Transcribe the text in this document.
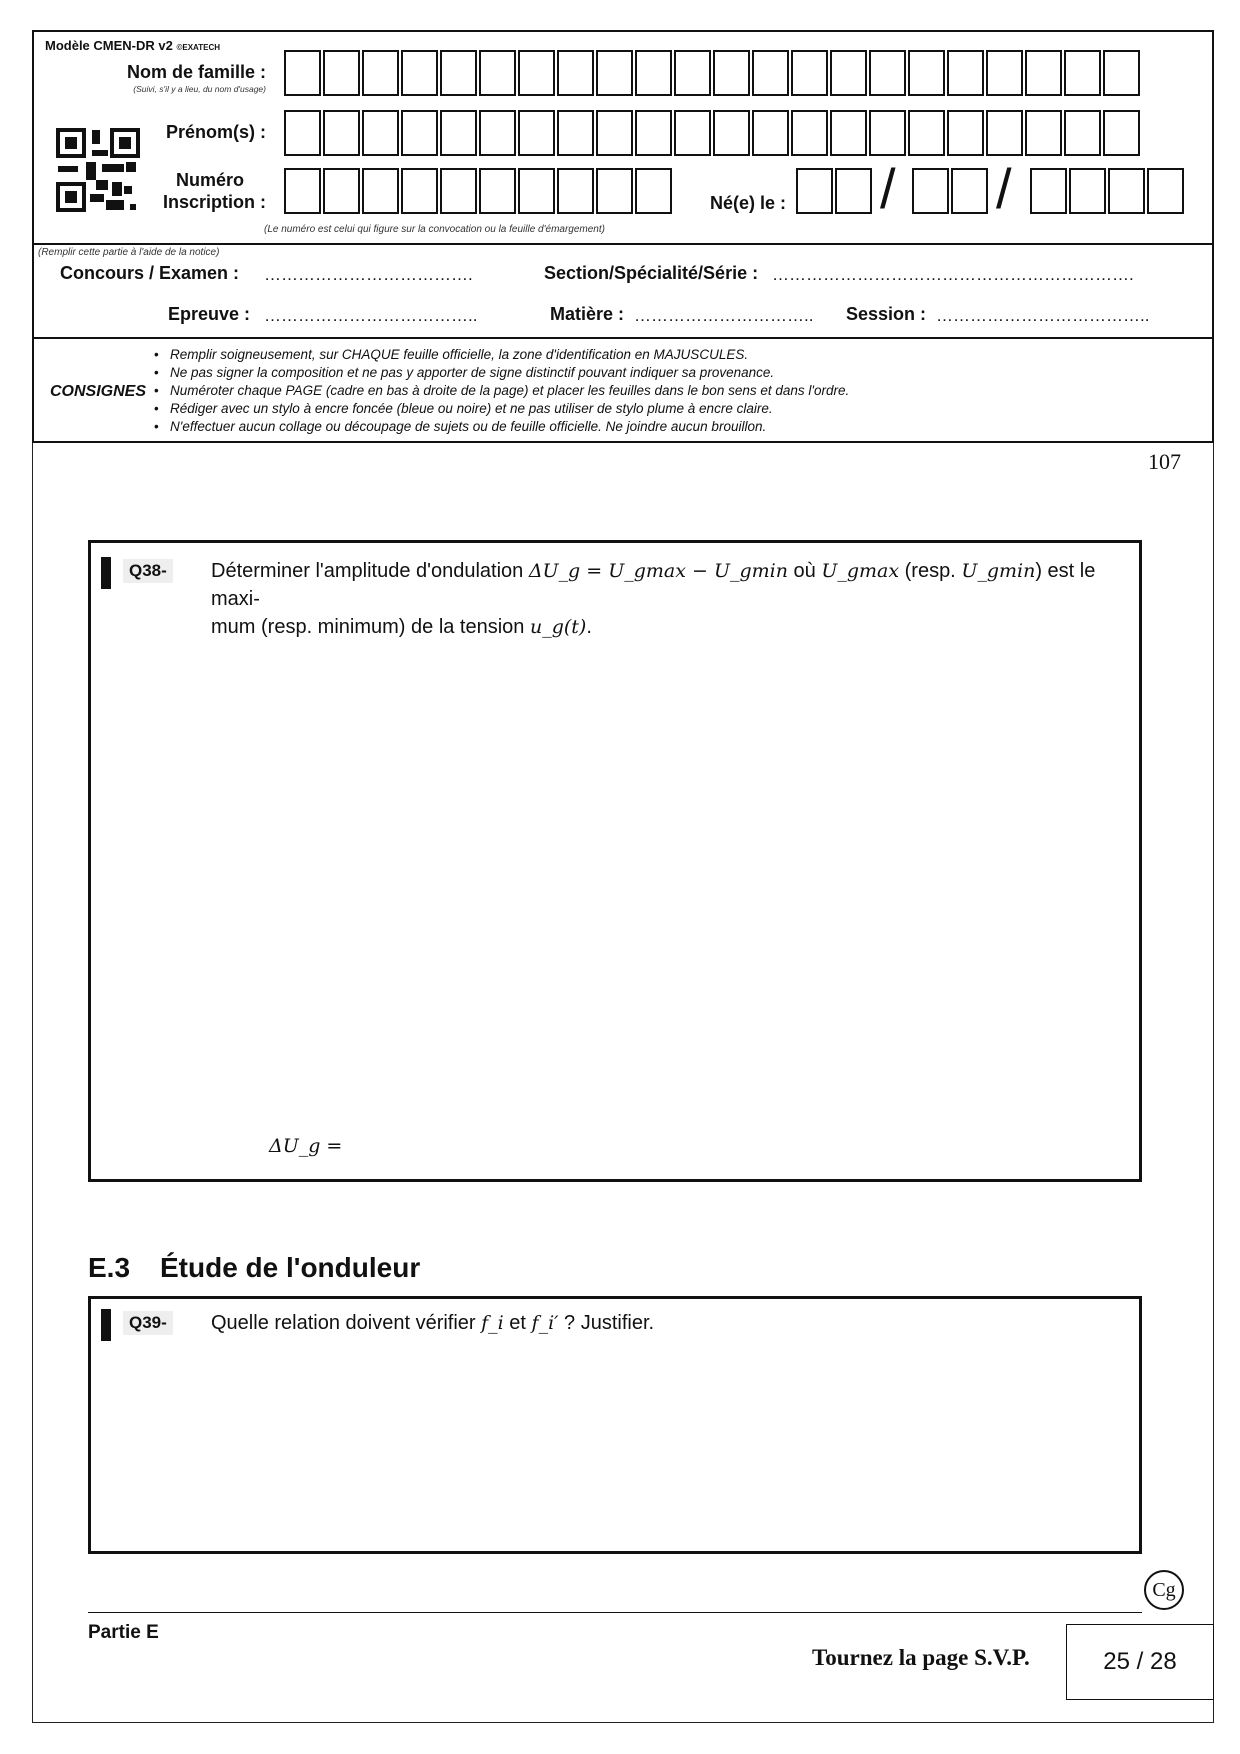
Modèle CMEN-DR v2 ©EXATECH
Nom de famille :
(Suivi, s'il y a lieu, du nom d'usage)
Prénom(s) :
Numéro
Inscription :
(Le numéro est celui qui figure sur la convocation ou la feuille d'émargement)
Né(e) le : / /
(Remplir cette partie à l'aide de la notice)
Concours / Examen : ……………………………….	Section/Spécialité/Série : ……………………………………………………….
Epreuve : ………………………………..	Matière : ………………………….. Session : ………………………………..
CONSIGNES
• Remplir soigneusement, sur CHAQUE feuille officielle, la zone d'identification en MAJUSCULES.
• Ne pas signer la composition et ne pas y apporter de signe distinctif pouvant indiquer sa provenance.
• Numéroter chaque PAGE (cadre en bas à droite de la page) et placer les feuilles dans le bon sens et dans l'ordre.
• Rédiger avec un stylo à encre foncée (bleue ou noire) et ne pas utiliser de stylo plume à encre claire.
• N'effectuer aucun collage ou découpage de sujets ou de feuille officielle. Ne joindre aucun brouillon.
107
Q38-	Déterminer l'amplitude d'ondulation ΔU_g = U_gmax − U_gmin où U_gmax (resp. U_gmin) est le maxi-
mum (resp. minimum) de la tension u_g(t).
ΔU_g =
E.3 Étude de l'onduleur
Q39-	Quelle relation doivent vérifier f_i et f_i′ ? Justifier.
Cg
Partie E
Tournez la page S.V.P.	25 / 28
